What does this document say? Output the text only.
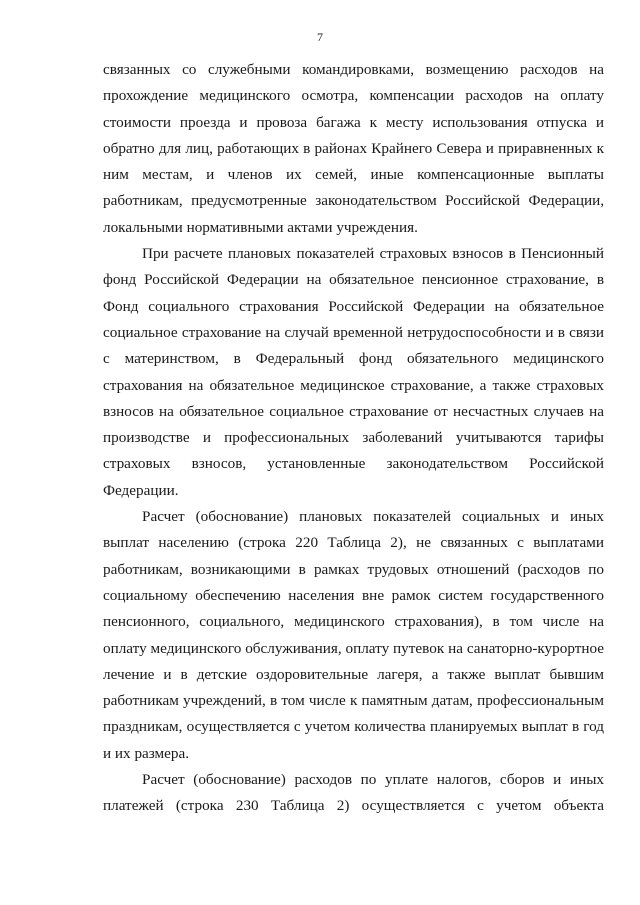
7

связанных со служебными командировками, возмещению расходов на прохождение медицинского осмотра, компенсации расходов на оплату стоимости проезда и провоза багажа к месту использования отпуска и обратно для лиц, работающих в районах Крайнего Севера и приравненных к ним местам, и членов их семей, иные компенсационные выплаты работникам, предусмотренные законодательством Российской Федерации, локальными нормативными актами учреждения.

При расчете плановых показателей страховых взносов в Пенсионный фонд Российской Федерации на обязательное пенсионное страхование, в Фонд социального страхования Российской Федерации на обязательное социальное страхование на случай временной нетрудоспособности и в связи с материнством, в Федеральный фонд обязательного медицинского страхования на обязательное медицинское страхование, а также страховых взносов на обязательное социальное страхование от несчастных случаев на производстве и профессиональных заболеваний учитываются тарифы страховых взносов, установленные законодательством Российской Федерации.

Расчет (обоснование) плановых показателей социальных и иных выплат населению (строка 220 Таблица 2), не связанных с выплатами работникам, возникающими в рамках трудовых отношений (расходов по социальному обеспечению населения вне рамок систем государственного пенсионного, социального, медицинского страхования), в том числе на оплату медицинского обслуживания, оплату путевок на санаторно-курортное лечение и в детские оздоровительные лагеря, а также выплат бывшим работникам учреждений, в том числе к памятным датам, профессиональным праздникам, осуществляется с учетом количества планируемых выплат в год и их размера.

Расчет (обоснование) расходов по уплате налогов, сборов и иных платежей (строка 230 Таблица 2) осуществляется с учетом объекта
